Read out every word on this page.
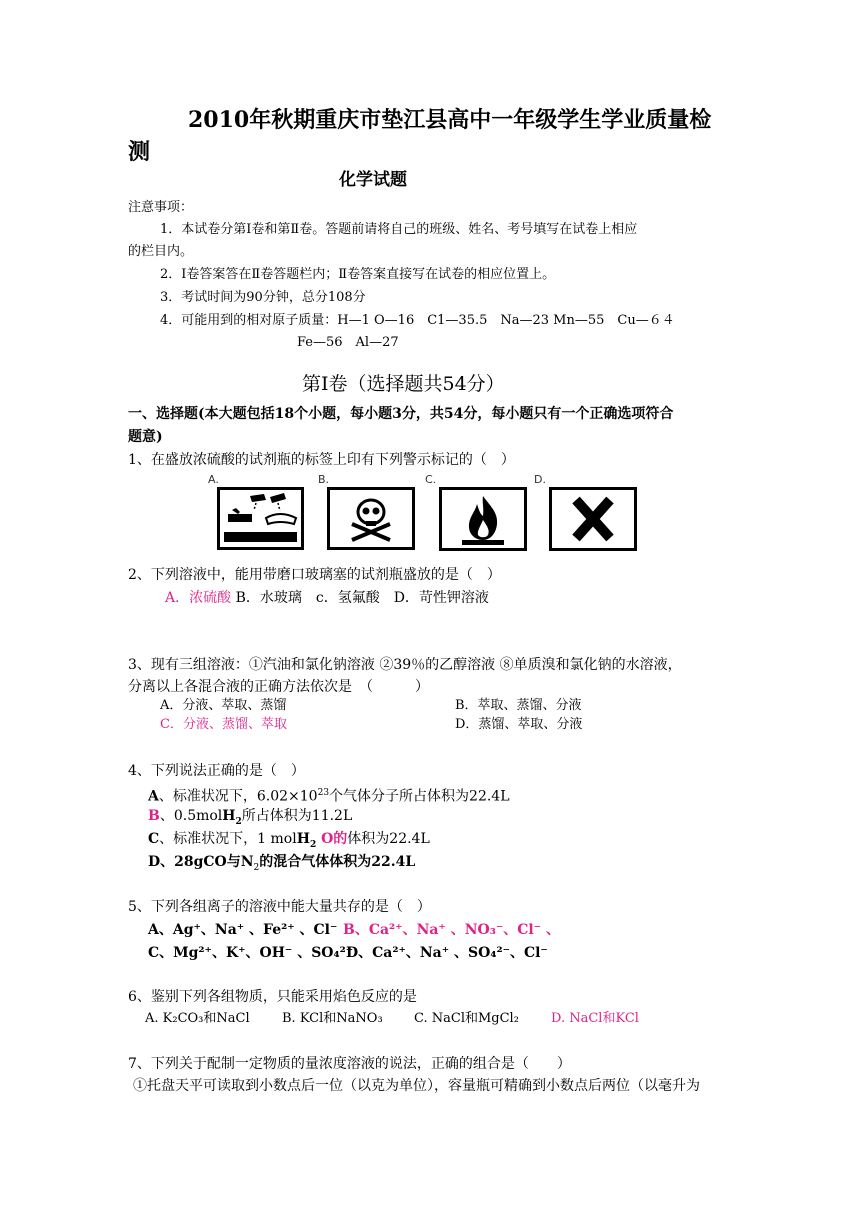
2010年秋期重庆市垫江县高中一年级学生学业质量检
测
化学试题
注意事项：
1．本试卷分第Ⅰ卷和第Ⅱ卷。答题前请将自己的班级、姓名、考号填写在试卷上相应
的栏目内。
2．Ⅰ卷答案答在Ⅱ卷答题栏内；Ⅱ卷答案直接写在试卷的相应位置上。
3．考试时间为90分钟，总分108分
4．可能用到的相对原子质量：H—1 O—16　C1—35.5　Na—23 Mn—55　Cu—６４
Fe—56　Al—27
第I卷（选择题共54分）
一、选择题(本大题包括18个小题，每小题3分，共54分，每小题只有一个正确选项符合
题意)
1、在盛放浓硫酸的试剂瓶的标签上印有下列警示标记的（　）
A.	B.	C.	D.
2、下列溶液中，能用带磨口玻璃塞的试剂瓶盛放的是（　）
A．浓硫酸 B．水玻璃　c．氢氟酸　D．苛性钾溶液
3、现有三组溶液：①汽油和氯化钠溶液 ②39％的乙醇溶液 ⑧单质溴和氯化钠的水溶液，
分离以上各混合液的正确方法依次是　（　　　）
A．分液、萃取、蒸馏	B．萃取、蒸馏、分液
C．分液、蒸馏、萃取	D．蒸馏、萃取、分液
4、下列说法正确的是（　）
A、标准状况下，$6.02\times 10^{23}$个气体分子所占体积为22.4L
B、0.5molH$_2$所占体积为11.2L
C、标准状况下，1 molH$_2$ O的体积为22.4L
D、28gCO与$N_2$的混合气体体积为22.4L
5、下列各组离子的溶液中能大量共存的是（　）
A、Ag⁺、Na⁺ 、Fe²⁺ 、Cl⁻ B、Ca²⁺、Na⁺ 、NO₃⁻、Cl⁻ 、
C、Mg²⁺、K⁺、OH⁻ 、SO₄²⁻
D、Ca²⁺、Na⁺ 、SO₄²⁻、Cl⁻
6、鉴别下列各组物质，只能采用焰色反应的是
A. K₂CO₃和NaCl B. KCl和NaNO₃ C. NaCl和MgCl₂ D. NaCl和KCl
7、下列关于配制一定物质的量浓度溶液的说法，正确的组合是（　　）
①托盘天平可读取到小数点后一位（以克为单位），容量瓶可精确到小数点后两位（以毫升为
